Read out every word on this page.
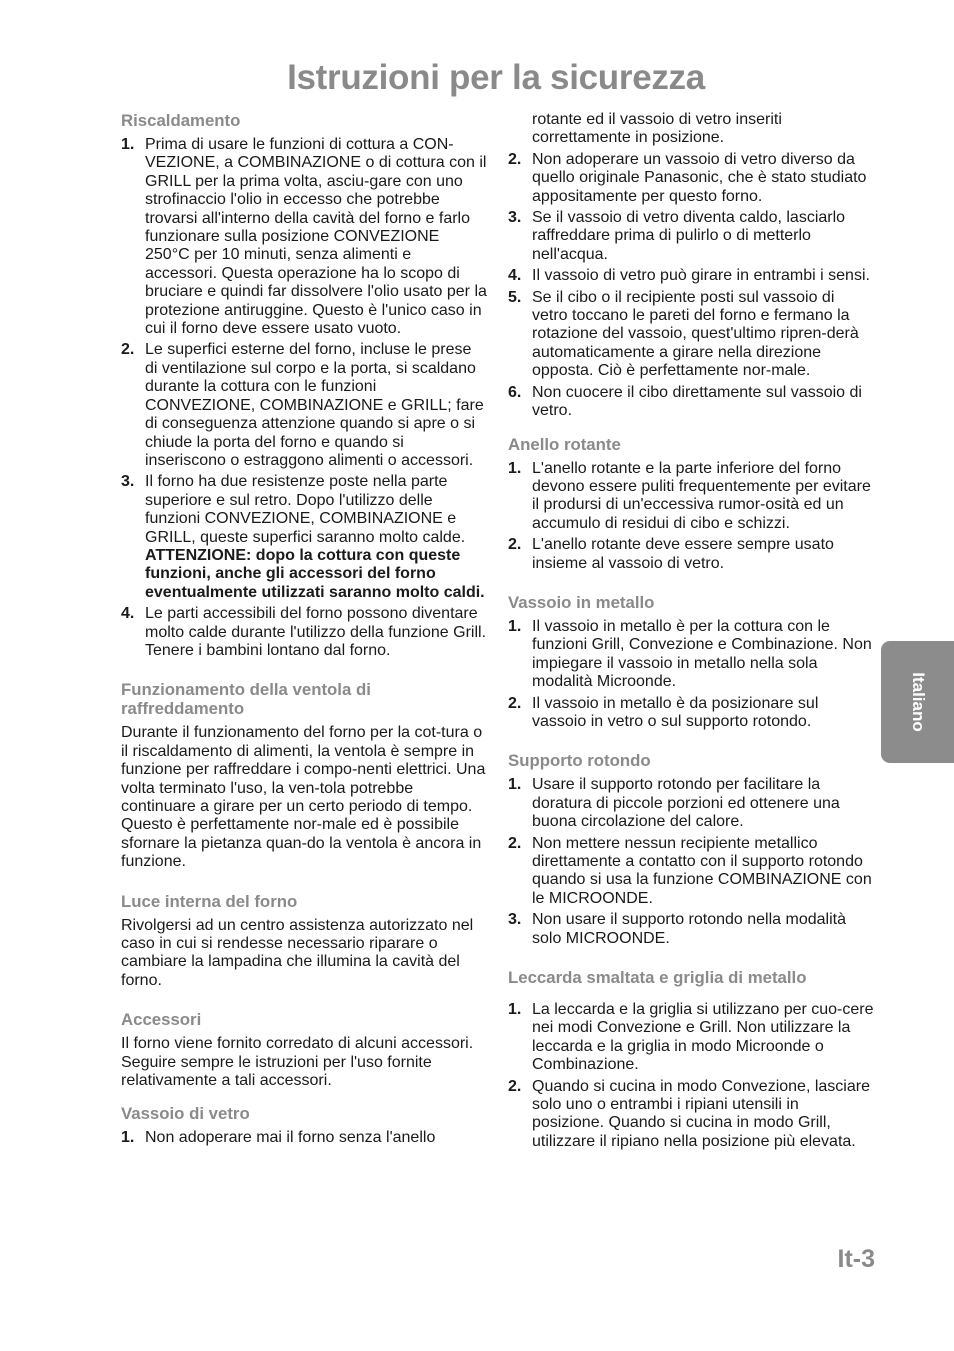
Istruzioni per la sicurezza
Riscaldamento
1. Prima di usare le funzioni di cottura a CON-VEZIONE, a COMBINAZIONE o di cottura con il GRILL per la prima volta, asciu-gare con uno strofinaccio l'olio in eccesso che potrebbe trovarsi all'interno della cavità del forno e farlo funzionare sulla posizione CONVEZIONE 250°C per 10 minuti, senza alimenti e accessori. Questa operazione ha lo scopo di bruciare e quindi far dissolvere l'olio usato per la protezione antiruggine. Questo è l'unico caso in cui il forno deve essere usato vuoto.
2. Le superfici esterne del forno, incluse le prese di ventilazione sul corpo e la porta, si scaldano durante la cottura con le funzioni CONVEZIONE, COMBINAZIONE e GRILL; fare di conseguenza attenzione quando si apre o si chiude la porta del forno e quando si inseriscono o estraggono alimenti o accessori.
3. Il forno ha due resistenze poste nella parte superiore e sul retro. Dopo l'utilizzo delle funzioni CONVEZIONE, COMBINAZIONE e GRILL, queste superfici saranno molto calde.
ATTENZIONE: dopo la cottura con queste funzioni, anche gli accessori del forno eventualmente utilizzati saranno molto caldi.
4. Le parti accessibili del forno possono diventare molto calde durante l'utilizzo della funzione Grill. Tenere i bambini lontano dal forno.
Funzionamento della ventola di raffreddamento

Durante il funzionamento del forno per la cot-tura o il riscaldamento di alimenti, la ventola è sempre in funzione per raffreddare i compo-nenti elettrici. Una volta terminato l'uso, la ven-tola potrebbe continuare a girare per un certo periodo di tempo. Questo è perfettamente nor-male ed è possibile sfornare la pietanza quan-do la ventola è ancora in funzione.

Luce interna del forno

Rivolgersi ad un centro assistenza autorizzato nel caso in cui si rendesse necessario riparare o cambiare la lampadina che illumina la cavità del forno.

Accessori

Il forno viene fornito corredato di alcuni accessori. Seguire sempre le istruzioni per l'uso fornite relativamente a tali accessori.

Vassoio di vetro
1. Non adoperare mai il forno senza l'anello
rotante ed il vassoio di vetro inseriti correttamente in posizione.
2. Non adoperare un vassoio di vetro diverso da quello originale Panasonic, che è stato studiato appositamente per questo forno.
3. Se il vassoio di vetro diventa caldo, lasciarlo raffreddare prima di pulirlo o di metterlo nell'acqua.
4. Il vassoio di vetro può girare in entrambi i sensi.
5. Se il cibo o il recipiente posti sul vassoio di vetro toccano le pareti del forno e fermano la rotazione del vassoio, quest'ultimo ripren-derà automaticamente a girare nella direzione opposta. Ciò è perfettamente nor-male.
6. Non cuocere il cibo direttamente sul vassoio di vetro.
Anello rotante
1. L'anello rotante e la parte inferiore del forno devono essere puliti frequentemente per evitare il prodursi di un'eccessiva rumor-osità ed un accumulo di residui di cibo e schizzi.
2. L'anello rotante deve essere sempre usato insieme al vassoio di vetro.
Vassoio in metallo
1. Il vassoio in metallo è per la cottura con le funzioni Grill, Convezione e Combinazione. Non impiegare il vassoio in metallo nella sola modalità Microonde.
2. Il vassoio in metallo è da posizionare sul vassoio in vetro o sul supporto rotondo.
Supporto rotondo
1. Usare il supporto rotondo per facilitare la doratura di piccole porzioni ed ottenere una buona circolazione del calore.
2. Non mettere nessun recipiente metallico direttamente a contatto con il supporto rotondo quando si usa la funzione COMBINAZIONE con le MICROONDE.
3. Non usare il supporto rotondo nella modalità solo MICROONDE.
Leccarda smaltata e griglia di metallo
1. La leccarda e la griglia si utilizzano per cuo-cere nei modi Convezione e Grill. Non utilizzare la leccarda e la griglia in modo Microonde o Combinazione.
2. Quando si cucina in modo Convezione, lasciare solo uno o entrambi i ripiani utensili in posizione. Quando si cucina in modo Grill, utilizzare il ripiano nella posizione più elevata.
Italiano
It-3
